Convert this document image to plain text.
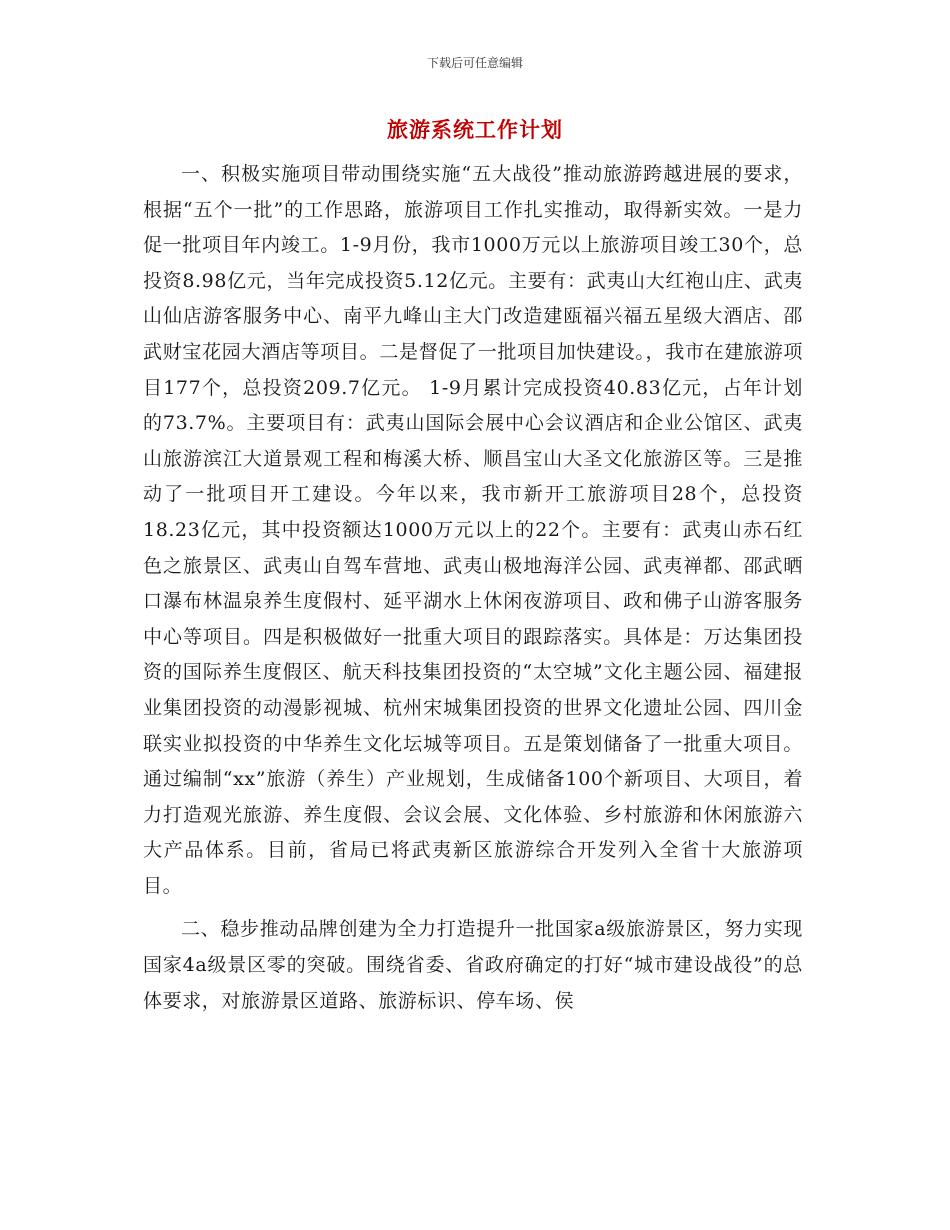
下载后可任意编辑
旅游系统工作计划

一、积极实施项目带动围绕实施“五大战役”推动旅游跨越进展的要求，根据“五个一批”的工作思路，旅游项目工作扎实推动，取得新实效。一是力促一批项目年内竣工。1-9月份，我市1000万元以上旅游项目竣工30个，总投资8.98亿元，当年完成投资5.12亿元。主要有：武夷山大红袍山庄、武夷山仙店游客服务中心、南平九峰山主大门改造建瓯福兴福五星级大酒店、邵武财宝花园大酒店等项目。二是督促了一批项目加快建设。，我市在建旅游项目177个，总投资209.7亿元。 1-9月累计完成投资40.83亿元，占年计划的73.7%。主要项目有：武夷山国际会展中心会议酒店和企业公馆区、武夷山旅游滨江大道景观工程和梅溪大桥、顺昌宝山大圣文化旅游区等。三是推动了一批项目开工建设。今年以来，我市新开工旅游项目28个，总投资18.23亿元，其中投资额达1000万元以上的22个。主要有：武夷山赤石红色之旅景区、武夷山自驾车营地、武夷山极地海洋公园、武夷禅都、邵武晒口瀑布林温泉养生度假村、延平湖水上休闲夜游项目、政和佛子山游客服务中心等项目。四是积极做好一批重大项目的跟踪落实。具体是：万达集团投资的国际养生度假区、航天科技集团投资的“太空城”文化主题公园、福建报业集团投资的动漫影视城、杭州宋城集团投资的世界文化遗址公园、四川金联实业拟投资的中华养生文化坛城等项目。五是策划储备了一批重大项目。通过编制“xx”旅游（养生）产业规划，生成储备100个新项目、大项目，着力打造观光旅游、养生度假、会议会展、文化体验、乡村旅游和休闲旅游六大产品体系。目前，省局已将武夷新区旅游综合开发列入全省十大旅游项目。

二、稳步推动品牌创建为全力打造提升一批国家a级旅游景区，努力实现国家4a级景区零的突破。围绕省委、省政府确定的打好“城市建设战役”的总体要求，对旅游景区道路、旅游标识、停车场、侯
